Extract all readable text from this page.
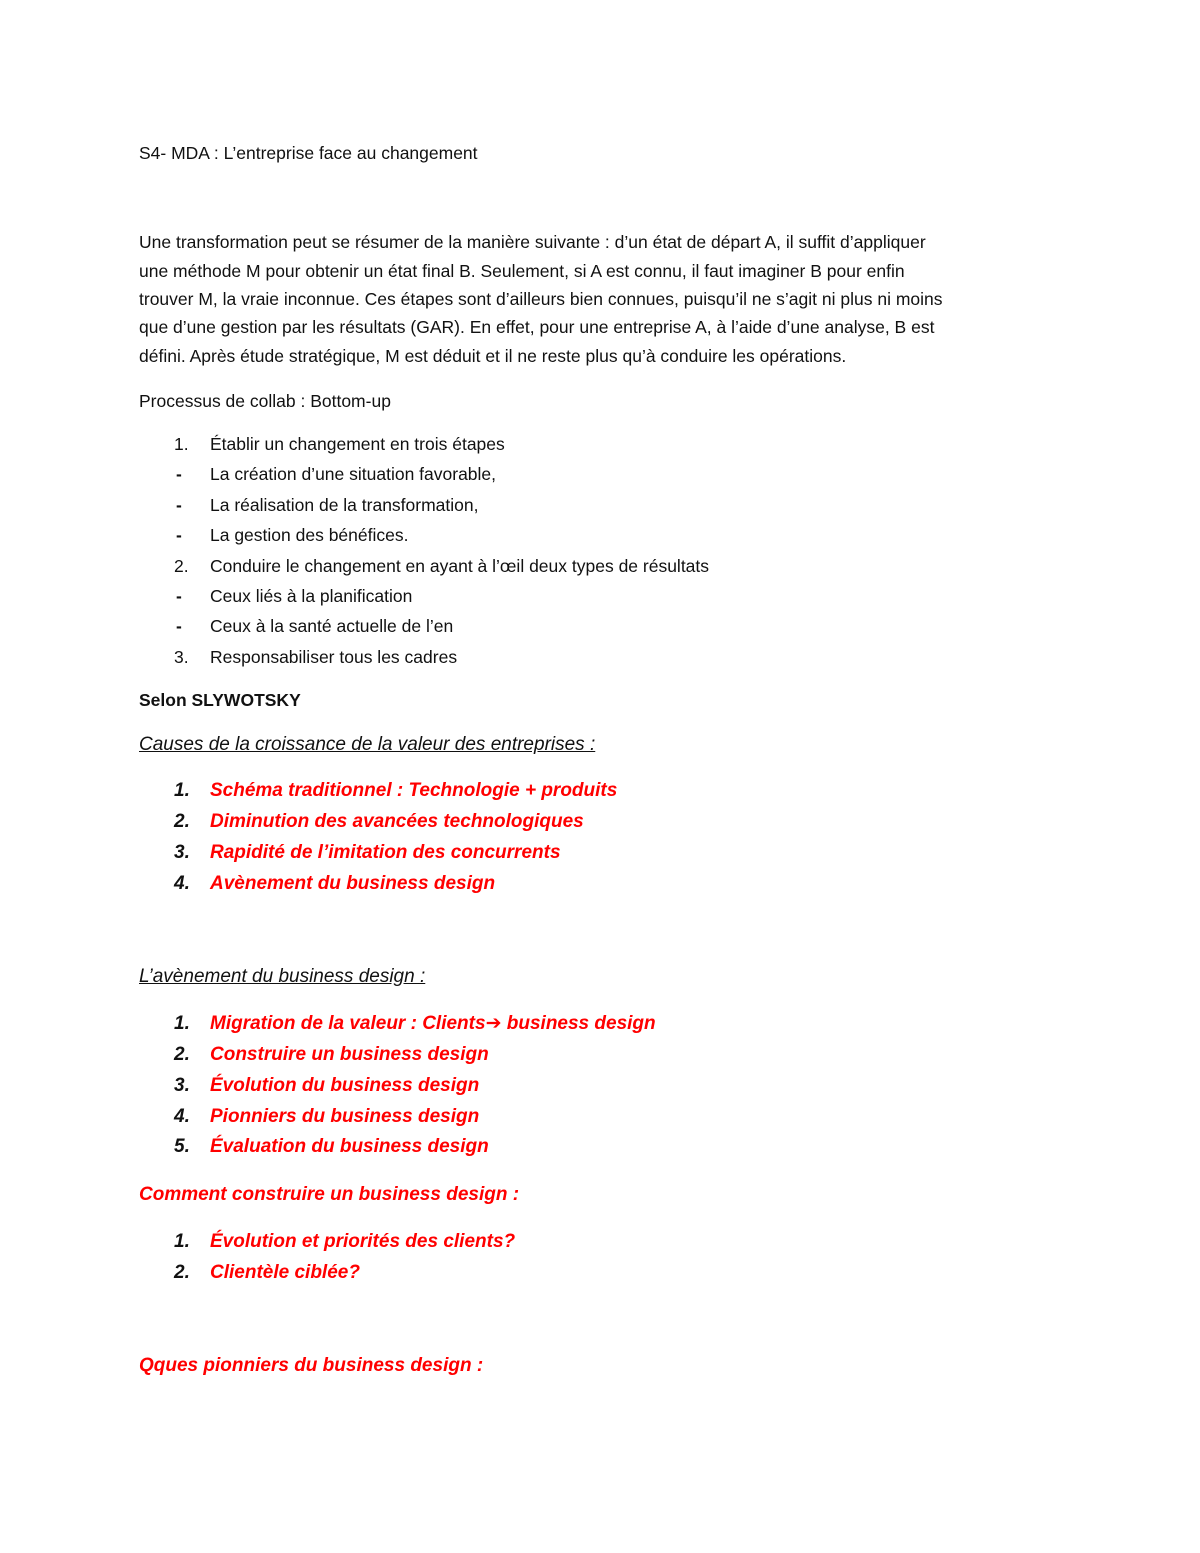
S4- MDA : L’entreprise face au changement
Une transformation peut se résumer de la manière suivante : d’un état de départ A, il suffit d’appliquer
une méthode M pour obtenir un état final B. Seulement, si A est connu, il faut imaginer B pour enfin
trouver M, la vraie inconnue. Ces étapes sont d’ailleurs bien connues, puisqu’il ne s’agit ni plus ni moins
que d’une gestion par les résultats (GAR). En effet, pour une entreprise A, à l’aide d’une analyse, B est
défini. Après étude stratégique, M est déduit et il ne reste plus qu’à conduire les opérations.
Processus de collab : Bottom-up
1. Établir un changement en trois étapes
- La création d’une situation favorable,
- La réalisation de la transformation,
- La gestion des bénéfices.
2. Conduire le changement en ayant à l’œil deux types de résultats
- Ceux liés à la planification
- Ceux à la santé actuelle de l’en
3. Responsabiliser tous les cadres
Selon SLYWOTSKY
Causes de la croissance de la valeur des entreprises :
1. Schéma traditionnel : Technologie + produits
2. Diminution des avancées technologiques
3. Rapidité de l’imitation des concurrents
4. Avènement du business design
L’avènement du business design :
1. Migration de la valeur : Clients➔ business design
2. Construire un business design
3. Évolution du business design
4. Pionniers du business design
5. Évaluation du business design
Comment construire un business design :
1. Évolution et priorités des clients?
2. Clientèle ciblée?
Qques pionniers du business design :
